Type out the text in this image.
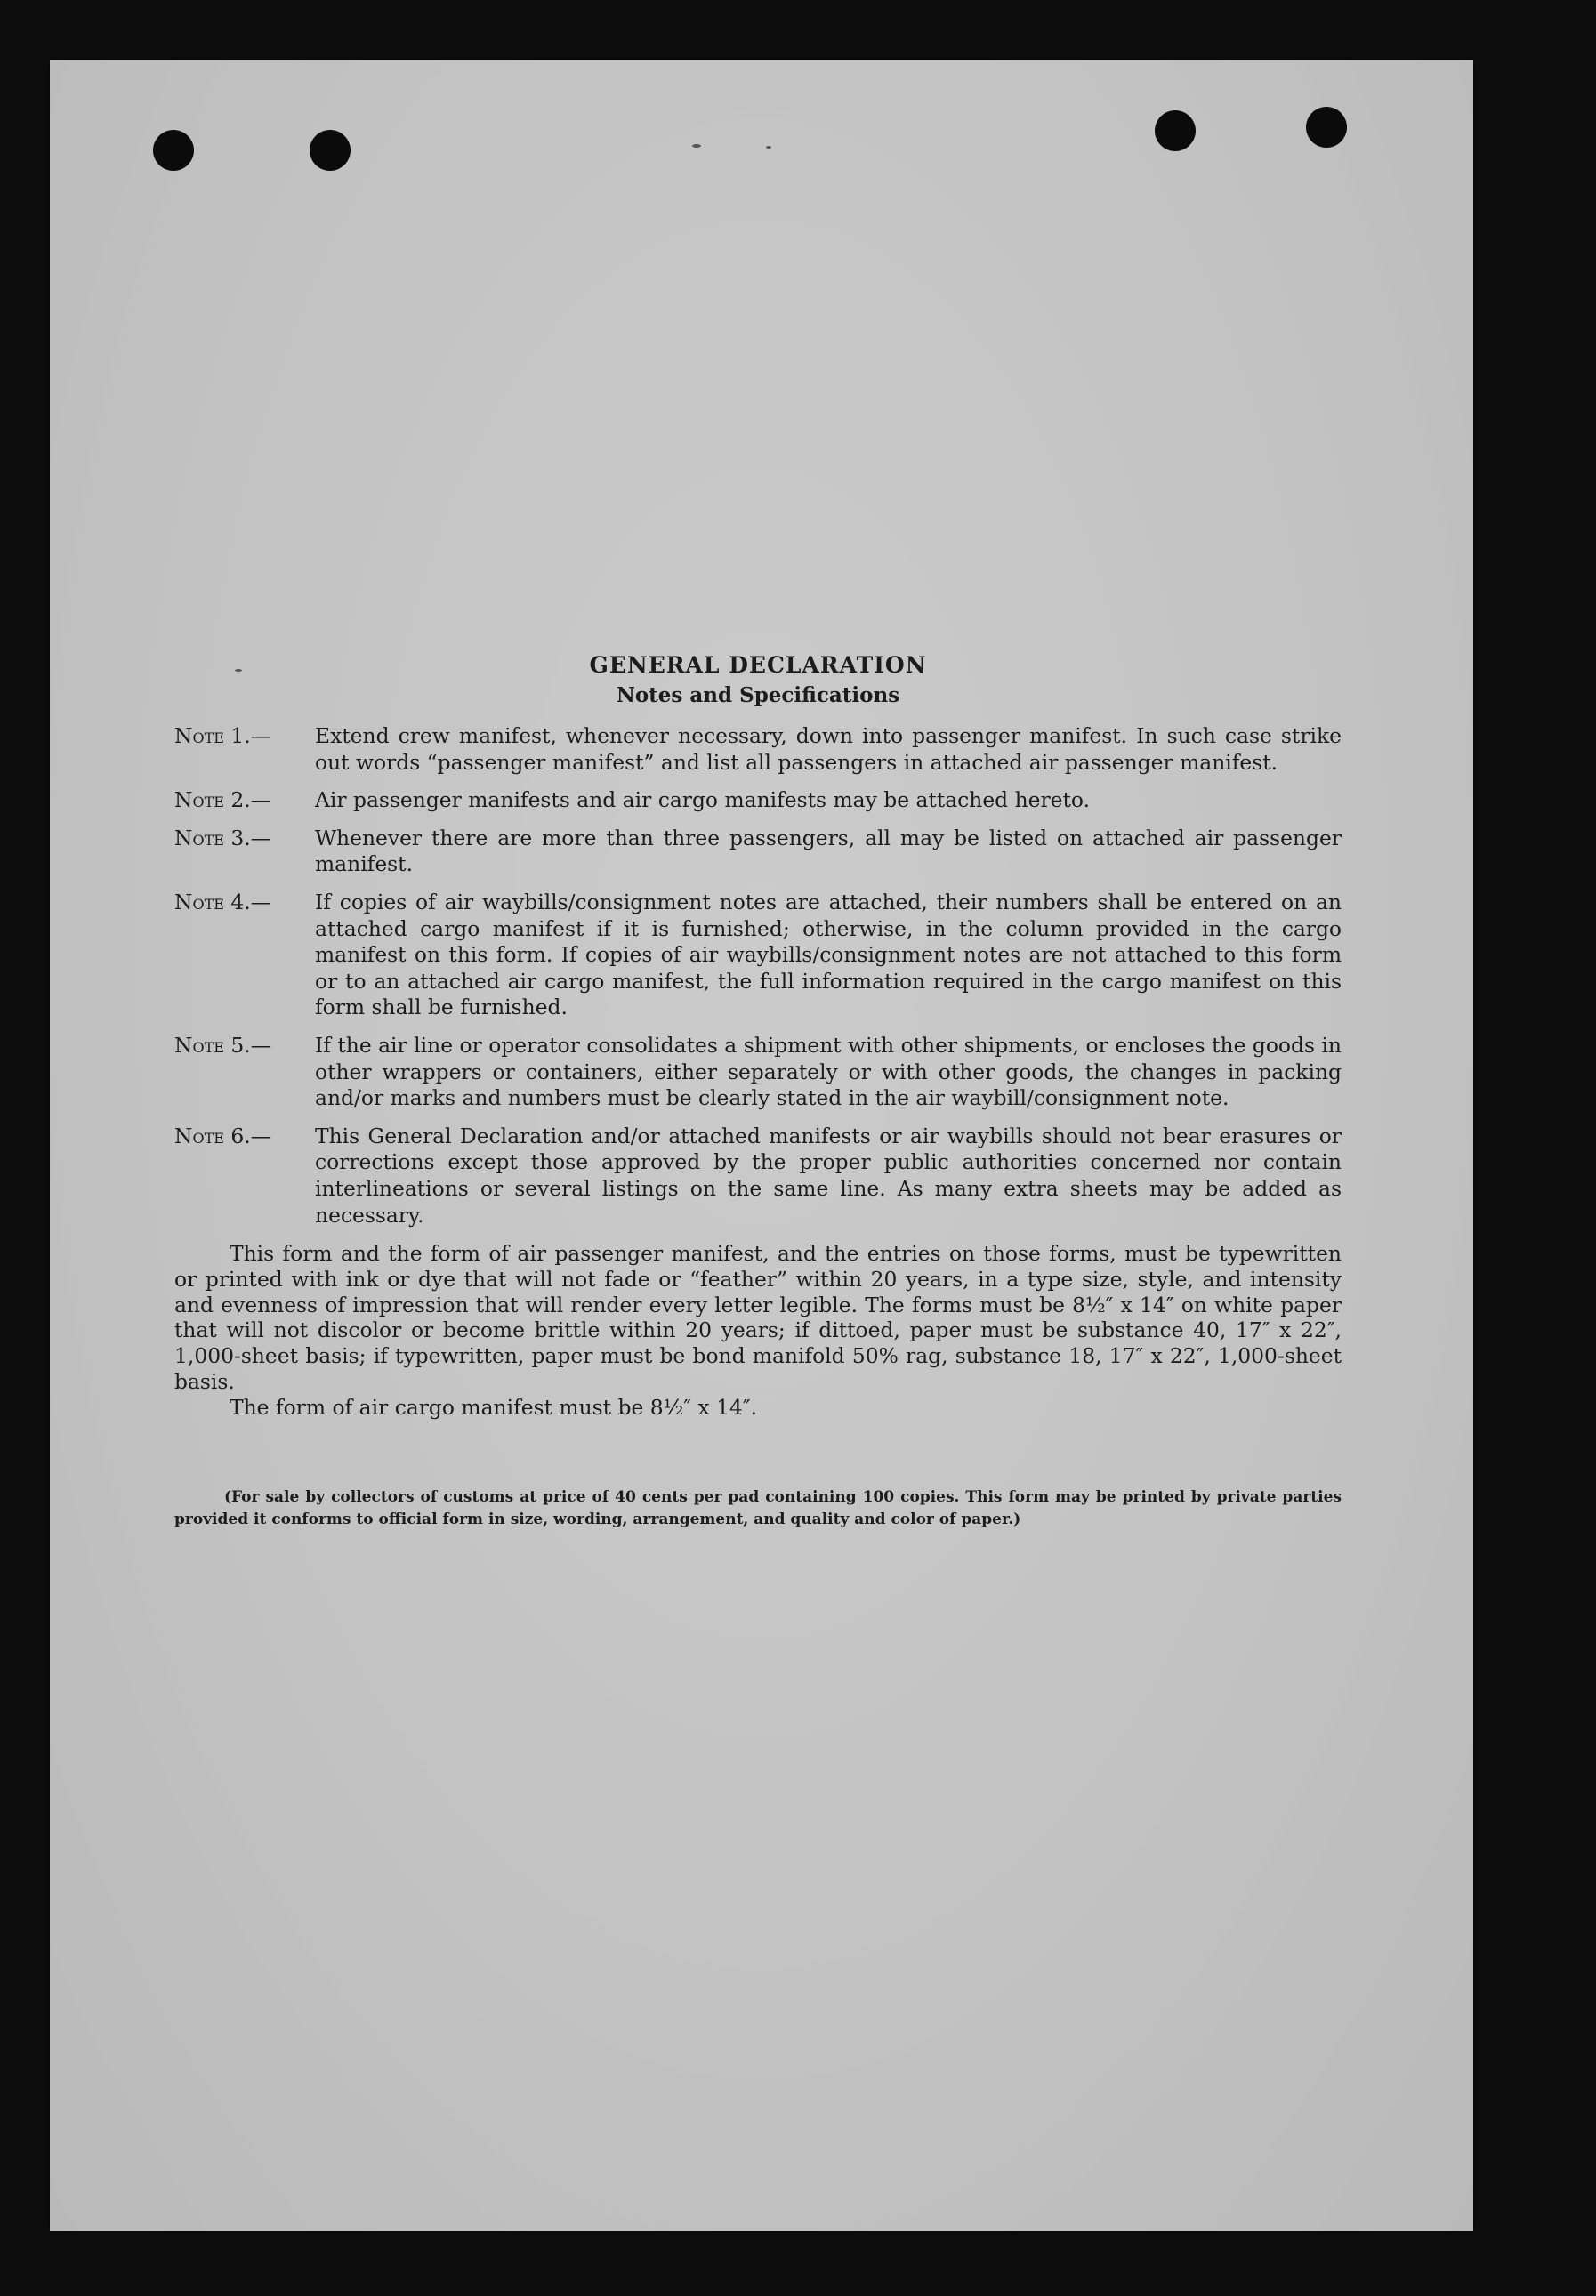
GENERAL DECLARATION
Notes and Specifications
Note 1.— Extend crew manifest, whenever necessary, down into passenger manifest. In such case strike out words “passenger manifest” and list all passengers in attached air passenger manifest.
Note 2.— Air passenger manifests and air cargo manifests may be attached hereto.
Note 3.— Whenever there are more than three passengers, all may be listed on attached air passenger manifest.
Note 4.— If copies of air waybills/consignment notes are attached, their numbers shall be entered on an attached cargo manifest if it is furnished; otherwise, in the column provided in the cargo manifest on this form. If copies of air waybills/consignment notes are not attached to this form or to an attached air cargo manifest, the full information required in the cargo manifest on this form shall be furnished.
Note 5.— If the air line or operator consolidates a shipment with other shipments, or encloses the goods in other wrappers or containers, either separately or with other goods, the changes in packing and/or marks and numbers must be clearly stated in the air waybill/consignment note.
Note 6.— This General Declaration and/or attached manifests or air waybills should not bear erasures or corrections except those approved by the proper public authorities concerned nor contain interlineations or several listings on the same line. As many extra sheets may be added as necessary.

This form and the form of air passenger manifest, and the entries on those forms, must be typewritten or printed with ink or dye that will not fade or “feather” within 20 years, in a type size, style, and intensity and evenness of impression that will render every letter legible. The forms must be 8½″ x 14″ on white paper that will not discolor or become brittle within 20 years; if dittoed, paper must be substance 40, 17″ x 22″, 1,000-sheet basis; if typewritten, paper must be bond manifold 50% rag, substance 18, 17″ x 22″, 1,000-sheet basis.

The form of air cargo manifest must be 8½″ x 14″.

(For sale by collectors of customs at price of 40 cents per pad containing 100 copies. This form may be printed by private parties provided it conforms to official form in size, wording, arrangement, and quality and color of paper.)
